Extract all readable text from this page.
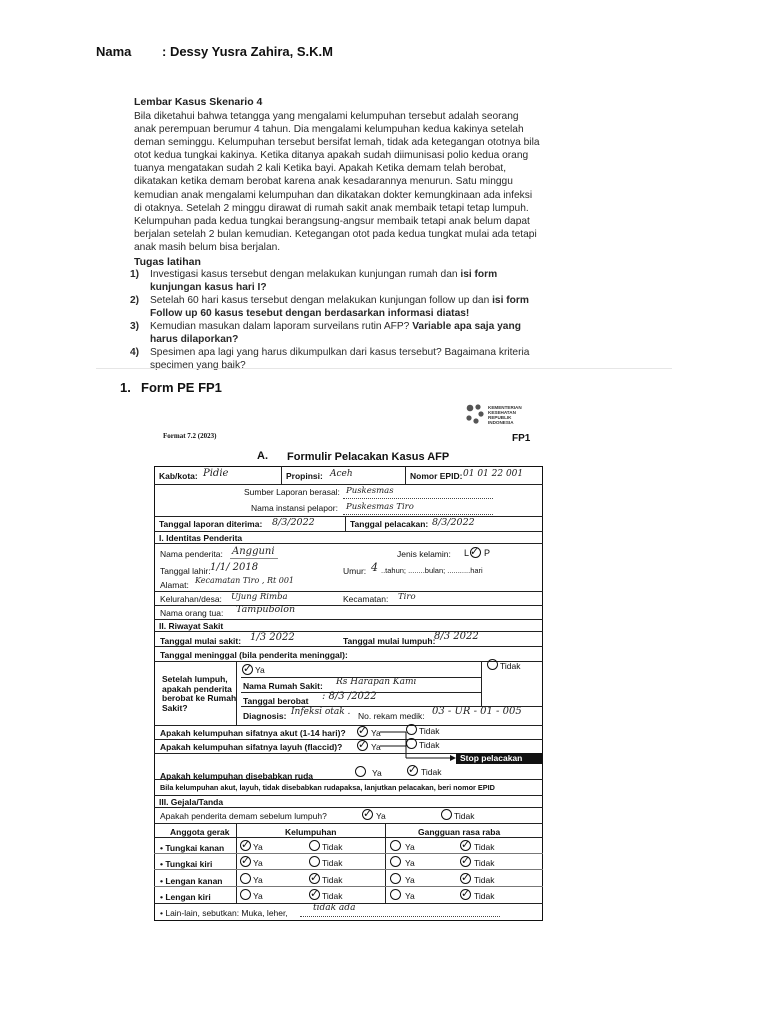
Nama : Dessy Yusra Zahira, S.K.M
Lembar Kasus Skenario 4
Bila diketahui bahwa tetangga yang mengalami kelumpuhan tersebut adalah seorang
anak perempuan berumur 4 tahun. Dia mengalami kelumpuhan kedua kakinya setelah
deman seminggu. Kelumpuhan tersebut bersifat lemah, tidak ada ketegangan ototnya bila
otot kedua tungkai kakinya. Ketika ditanya apakah sudah diimunisasi polio kedua orang
tuanya mengatakan sudah 2 kali Ketika bayi. Apakah Ketika demam telah berobat,
dikatakan ketika demam berobat karena anak kesadarannya menurun. Satu minggu
kemudian anak mengalami kelumpuhan dan dikatakan dokter kemungkinaan ada infeksi
di otaknya. Setelah 2 minggu dirawat di rumah sakit anak membaik tetapi tetap lumpuh.
Kelumpuhan pada kedua tungkai berangsung-angsur membaik tetapi anak belum dapat
berjalan setelah 2 bulan kemudian. Ketegangan otot pada kedua tungkat mulai ada tetapi
anak masih belum bisa berjalan.
Tugas latihan
1) Investigasi kasus tersebut dengan melakukan kunjungan rumah dan isi form
kunjungan kasus hari I?
2) Setelah 60 hari kasus tersebut dengan melakukan kunjungan follow up dan isi form
Follow up 60 kasus tesebut dengan berdasarkan informasi diatas!
3) Kemudian masukan dalam laporam surveilans rutin AFP? Variable apa saja yang
harus dilaporkan?
4) Spesimen apa lagi yang harus dikumpulkan dari kasus tersebut? Bagaimana kriteria
specimen yang baik?
1. Form PE FP1
KEMENTERIAN
KESEHATAN
REPUBLIK
INDONESIA
FP1
Format 7.2 (2023)
A. Formulir Pelacakan Kasus AFP
Kab/kota: Pidie	Propinsi: Aceh	Nomor EPID: 01 01 22 001
Sumber Laporan berasal: Puskesmas
Nama instansi pelapor: Puskesmas Tiro
Tanggal laporan diterima: 8/3/2022	Tanggal pelacakan: 8/3/2022
I. Identitas Penderita
Nama penderita: Angguni	Jenis kelamin: L ✓ P
Tanggal lahir: 1/1/ 2018	Umur: 4 ..tahun; ........bulan; ...........hari
Alamat: Kecamatan Tiro , Rt 001
Kelurahan/desa: Ujung Rimba	Kecamatan: Tiro
Nama orang tua: Tampubolon
II. Riwayat Sakit
Tanggal mulai sakit: 1/3 2022	Tanggal mulai lumpuh:
8/3 2022
Tanggal meninggal (bila penderita meninggal):
Setelah lumpuh,
apakah penderita
berobat ke Rumah
Sakit?
✓ Ya	Tidak
Nama Rumah Sakit: Rs Harapan Kami
Tanggal berobat : 8/3 /2022
Diagnosis: Infeksi otak . No. rekam medik: 03 - UR - 01 - 005
Apakah kelumpuhan sifatnya akut (1-14 hari)? ✓ Ya	Tidak
Apakah kelumpuhan sifatnya layuh (flaccid)? ✓ Ya	Tidak
Stop pelacakan
Apakah kelumpuhan disebabkan ruda	Ya ✓ Tidak
Bila kelumpuhan akut, layuh, tidak disebabkan rudapaksa, lanjutkan pelacakan, beri nomor EPID
III. Gejala/Tanda
Apakah penderita demam sebelum lumpuh?	✓ Ya	Tidak
Anggota gerak	Kelumpuhan	Gangguan rasa raba
• Tungkai kanan ✓ Ya	Tidak	Ya	✓ Tidak
• Tungkai kiri	✓ Ya	Tidak	Ya	✓ Tidak
• Lengan kanan	Ya	✓ Tidak	Ya	✓ Tidak
• Lengan kiri	Ya	✓ Tidak	Ya	✓ Tidak
• Lain-lain, sebutkan: Muka, leher,	tidak ada
